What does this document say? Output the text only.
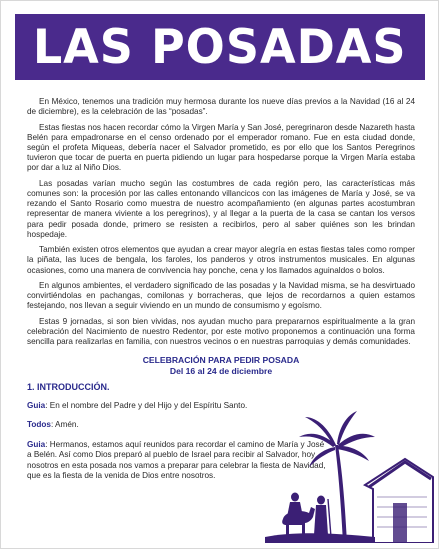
LAS POSADAS

En México, tenemos una tradición muy hermosa durante los nueve días previos a la Navidad (16 al 24 de diciembre), es la celebración de las “posadas”.

Estas fiestas nos hacen recordar cómo la Virgen María y San José, peregrinaron desde Nazareth hasta Belén para empadronarse en el censo ordenado por el emperador romano. Fue en esta ciudad donde, según el profeta Miqueas, debería nacer el Salvador prometido, es por ello que los Santos Peregrinos tuvieron que tocar de puerta en puerta pidiendo un lugar para hospedarse porque la Virgen María estaba por dar a luz al Niño Dios.

Las posadas varían mucho según las costumbres de cada región pero, las características más comunes son: la procesión por las calles entonando villancicos con las imágenes de María y José, se va rezando el Santo Rosario como muestra de nuestro acompañamiento (en algunas partes acostumbran representar de manera viviente a los peregrinos), y al llegar a la puerta de la casa se cantan los versos para pedir posada donde, primero se resisten a recibirlos, pero al saber quiénes son les brindan hospedaje.

También existen otros elementos que ayudan a crear mayor alegría en estas fiestas tales como romper la piñata, las luces de bengala, los faroles, los panderos y otros instrumentos musicales. En algunas ocasiones, como una manera de convivencia hay ponche, cena y los llamados aguinaldos o bolos.

En algunos ambientes, el verdadero significado de las posadas y la Navidad misma, se ha desvirtuado convirtiéndolas en pachangas, comilonas y borracheras, que lejos de recordarnos a quien estamos festejando, nos llevan a seguir viviendo en un mundo de consumismo y egoísmo.

Estas 9 jornadas, si son bien vividas, nos ayudan mucho para prepararnos espiritualmente a la gran celebración del Nacimiento de nuestro Redentor, por este motivo proponemos a continuación una forma sencilla para realizarlas en familia, con nuestros vecinos o en nuestras parroquias y demás comunidades.

CELEBRACIÓN PARA PEDIR POSADA
Del 16 al 24 de diciembre
1. INTRODUCCIÓN.

Guia: En el nombre del Padre y del Hijo y del Espíritu Santo.

Todos: Amén.

Guia: Hermanos, estamos aquí reunidos para recordar el camino de María y José a Belén. Así como Dios preparó al pueblo de Israel para recibir al Salvador, hoy nosotros en esta posada nos vamos a preparar para celebrar la fiesta de Navidad, que es la fiesta de la venida de Dios entre nosotros.
